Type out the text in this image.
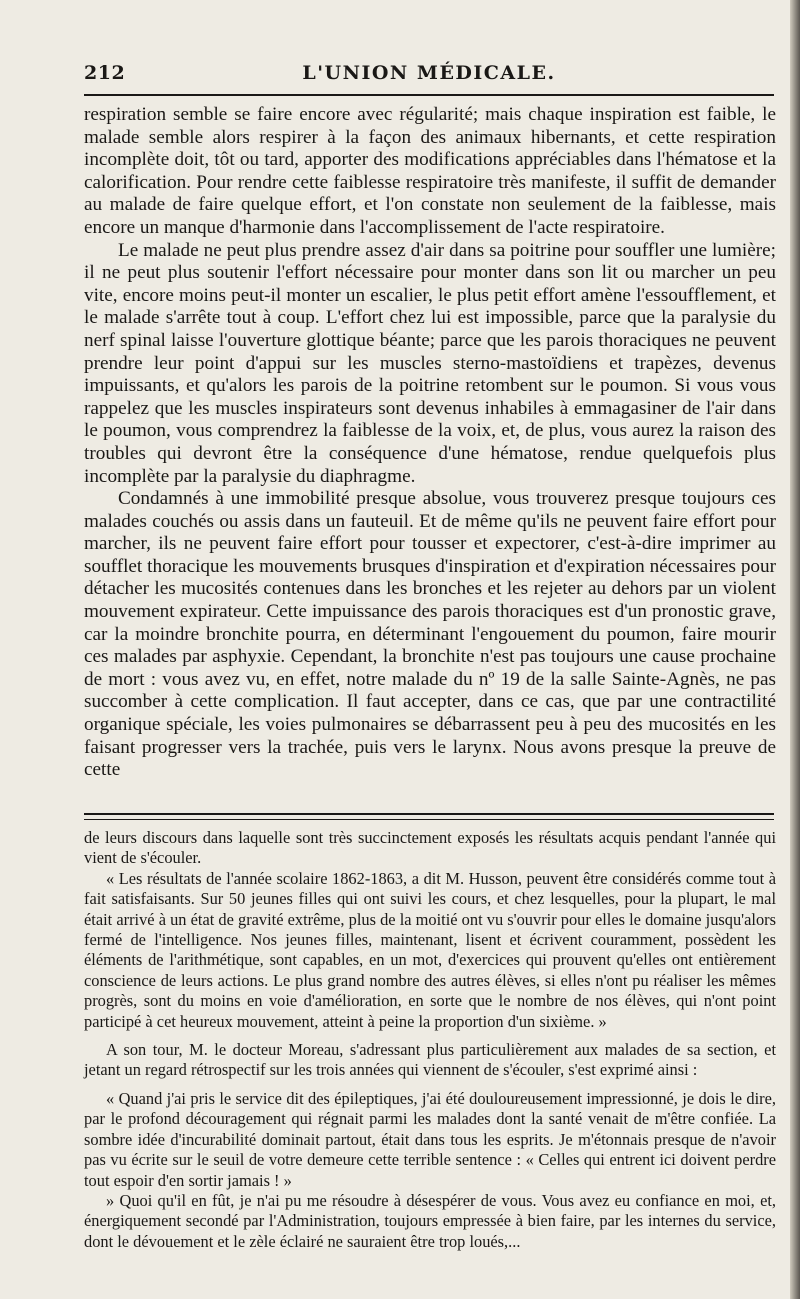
212	L'UNION MÉDICALE.

respiration semble se faire encore avec régularité; mais chaque inspiration est faible, le malade semble alors respirer à la façon des animaux hibernants, et cette respiration incomplète doit, tôt ou tard, apporter des modifications appréciables dans l'hématose et la calorification. Pour rendre cette faiblesse respiratoire très manifeste, il suffit de demander au malade de faire quelque effort, et l'on constate non seulement de la faiblesse, mais encore un manque d'harmonie dans l'accomplissement de l'acte respiratoire.

Le malade ne peut plus prendre assez d'air dans sa poitrine pour souffler une lumière; il ne peut plus soutenir l'effort nécessaire pour monter dans son lit ou marcher un peu vite, encore moins peut-il monter un escalier, le plus petit effort amène l'essoufflement, et le malade s'arrête tout à coup. L'effort chez lui est impossible, parce que la paralysie du nerf spinal laisse l'ouverture glottique béante; parce que les parois thoraciques ne peuvent prendre leur point d'appui sur les muscles sterno-mastoïdiens et trapèzes, devenus impuissants, et qu'alors les parois de la poitrine retombent sur le poumon. Si vous vous rappelez que les muscles inspirateurs sont devenus inhabiles à emmagasiner de l'air dans le poumon, vous comprendrez la faiblesse de la voix, et, de plus, vous aurez la raison des troubles qui devront être la conséquence d'une hématose, rendue quelquefois plus incomplète par la paralysie du diaphragme.

Condamnés à une immobilité presque absolue, vous trouverez presque toujours ces malades couchés ou assis dans un fauteuil. Et de même qu'ils ne peuvent faire effort pour marcher, ils ne peuvent faire effort pour tousser et expectorer, c'est-à-dire imprimer au soufflet thoracique les mouvements brusques d'inspiration et d'expiration nécessaires pour détacher les mucosités contenues dans les bronches et les rejeter au dehors par un violent mouvement expirateur. Cette impuissance des parois thoraciques est d'un pronostic grave, car la moindre bronchite pourra, en déterminant l'engouement du poumon, faire mourir ces malades par asphyxie. Cependant, la bronchite n'est pas toujours une cause prochaine de mort : vous avez vu, en effet, notre malade du nº 19 de la salle Sainte-Agnès, ne pas succomber à cette complication. Il faut accepter, dans ce cas, que par une contractilité organique spéciale, les voies pulmonaires se débarrassent peu à peu des mucosités en les faisant progresser vers la trachée, puis vers le larynx. Nous avons presque la preuve de cette

de leurs discours dans laquelle sont très succinctement exposés les résultats acquis pendant l'année qui vient de s'écouler.

« Les résultats de l'année scolaire 1862-1863, a dit M. Husson, peuvent être considérés comme tout à fait satisfaisants. Sur 50 jeunes filles qui ont suivi les cours, et chez lesquelles, pour la plupart, le mal était arrivé à un état de gravité extrême, plus de la moitié ont vu s'ouvrir pour elles le domaine jusqu'alors fermé de l'intelligence. Nos jeunes filles, maintenant, lisent et écrivent couramment, possèdent les éléments de l'arithmétique, sont capables, en un mot, d'exercices qui prouvent qu'elles ont entièrement conscience de leurs actions. Le plus grand nombre des autres élèves, si elles n'ont pu réaliser les mêmes progrès, sont du moins en voie d'amélioration, en sorte que le nombre de nos élèves, qui n'ont point participé à cet heureux mouvement, atteint à peine la proportion d'un sixième. »

A son tour, M. le docteur Moreau, s'adressant plus particulièrement aux malades de sa section, et jetant un regard rétrospectif sur les trois années qui viennent de s'écouler, s'est exprimé ainsi :

« Quand j'ai pris le service dit des épileptiques, j'ai été douloureusement impressionné, je dois le dire, par le profond découragement qui régnait parmi les malades dont la santé venait de m'être confiée. La sombre idée d'incurabilité dominait partout, était dans tous les esprits. Je m'étonnais presque de n'avoir pas vu écrite sur le seuil de votre demeure cette terrible sentence : « Celles qui entrent ici doivent perdre tout espoir d'en sortir jamais ! »

» Quoi qu'il en fût, je n'ai pu me résoudre à désespérer de vous. Vous avez eu confiance en moi, et, énergiquement secondé par l'Administration, toujours empressée à bien faire, par les internes du service, dont le dévouement et le zèle éclairé ne sauraient être trop loués,...
